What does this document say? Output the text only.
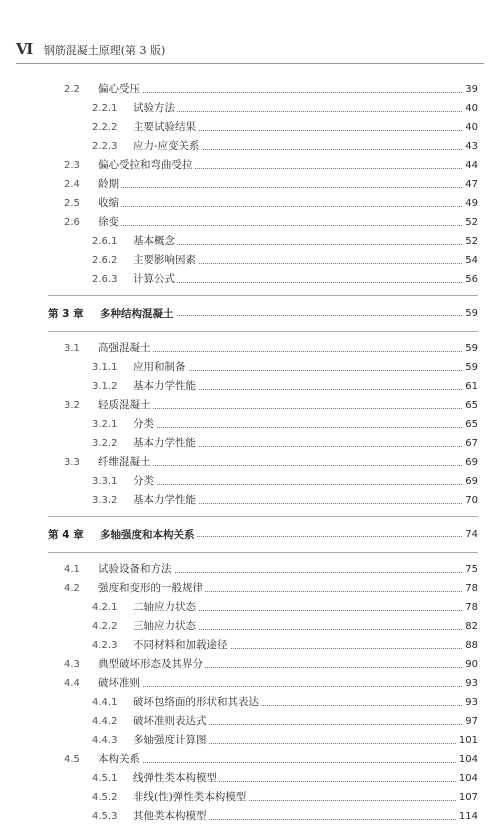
Ⅵ 钢筋混凝土原理(第 3 版)
2.2 偏心受压	39
2.2.1 试验方法	40
2.2.2 主要试验结果	40
2.2.3 应力-应变关系	43
2.3 偏心受拉和弯曲受拉	44
2.4 龄期	47
2.5 收缩	49
2.6 徐变	52
2.6.1 基本概念	52
2.6.2 主要影响因素	54
2.6.3 计算公式	56
第 3 章 多种结构混凝土	59
3.1 高强混凝土	59
3.1.1 应用和制备	59
3.1.2 基本力学性能	61
3.2 轻质混凝土	65
3.2.1 分类	65
3.2.2 基本力学性能	67
3.3 纤维混凝土	69
3.3.1 分类	69
3.3.2 基本力学性能	70
第 4 章 多轴强度和本构关系	74
4.1 试验设备和方法	75
4.2 强度和变形的一般规律	78
4.2.1 二轴应力状态	78
4.2.2 三轴应力状态	82
4.2.3 不同材料和加载途径	88
4.3 典型破坏形态及其界分	90
4.4 破坏准则	93
4.4.1 破坏包络面的形状和其表达	93
4.4.2 破坏准则表达式	97
4.4.3 多轴强度计算图	101
4.5 本构关系	104
4.5.1 线弹性类本构模型	104
4.5.2 非线(性)弹性类本构模型	107
4.5.3 其他类本构模型	114
